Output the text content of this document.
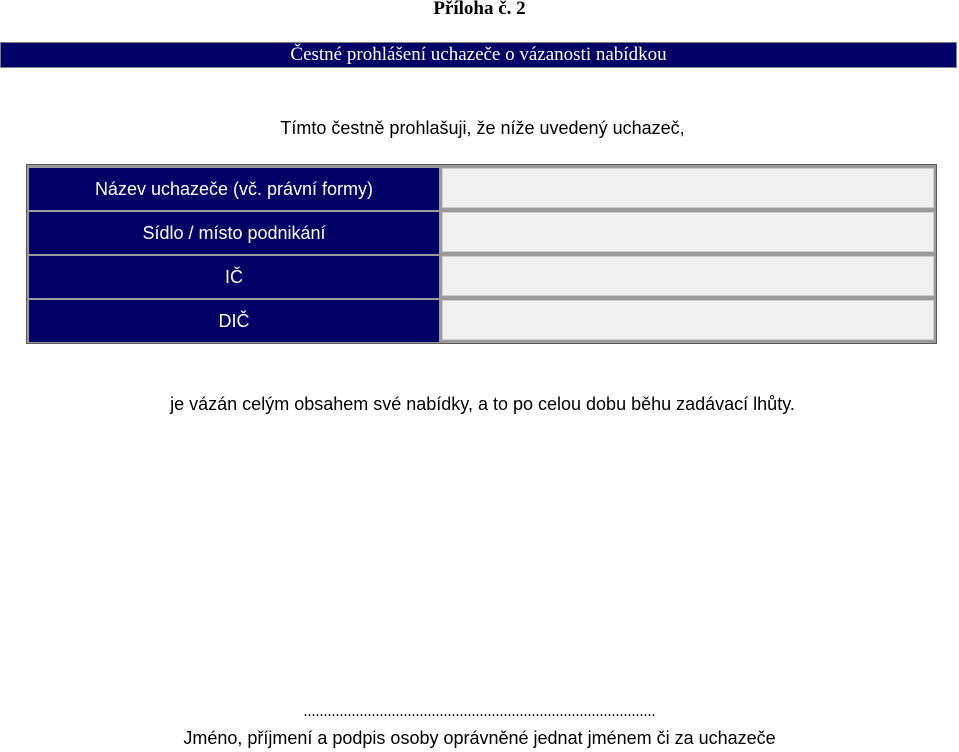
Příloha č. 2
Čestné prohlášení uchazeče o vázanosti nabídkou
Tímto čestně prohlašuji, že níže uvedený uchazeč,
Název uchazeče (vč. právní formy)
Sídlo / místo podnikání
IČ
DIČ
je vázán celým obsahem své nabídky, a to po celou dobu běhu zadávací lhůty.
........................................................................................
Jméno, příjmení a podpis osoby oprávněné jednat jménem či za uchazeče
